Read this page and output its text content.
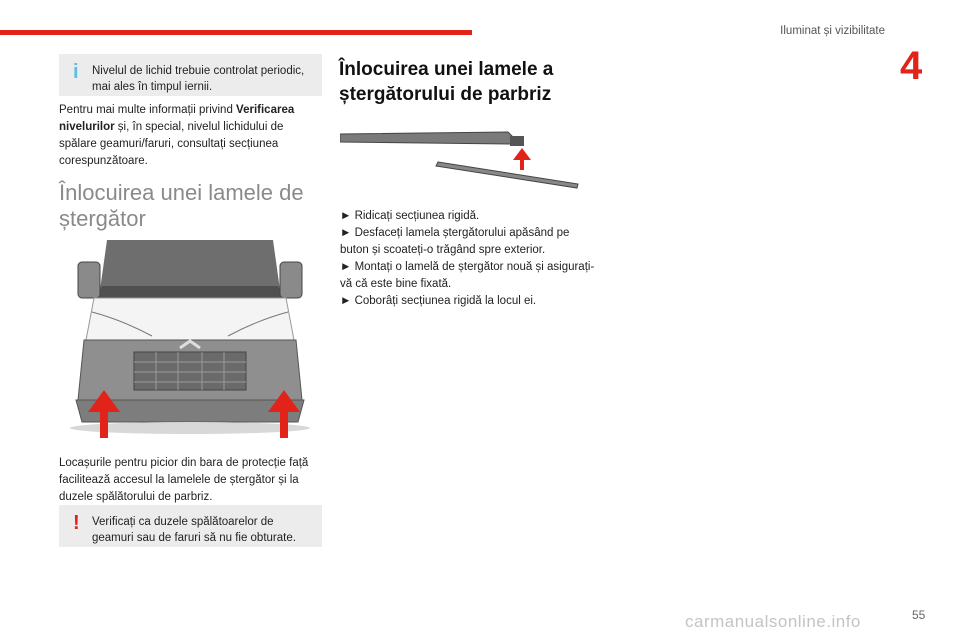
Iluminat și vizibilitate
4
i Nivelul de lichid trebuie controlat periodic, mai ales în timpul iernii.
Pentru mai multe informații privind Verificarea nivelurilor și, în special, nivelul lichidului de spălare geamuri/faruri, consultați secțiunea corespunzătoare.
Înlocuirea unei lamele de ștergător
Locașurile pentru picior din bara de protecție față facilitează accesul la lamelele de ștergător și la duzele spălătorului de parbriz.
! Verificați ca duzele spălătoarelor de geamuri sau de faruri să nu fie obturate.
Înlocuirea unei lamele a ștergătorului de parbriz
► Ridicați secțiunea rigidă.
► Desfaceți lamela ștergătorului apăsând pe buton și scoateți-o trăgând spre exterior.
► Montați o lamelă de ștergător nouă și asigurați-vă că este bine fixată.
► Coborâți secțiunea rigidă la locul ei.
55
carmanualsonline.info
